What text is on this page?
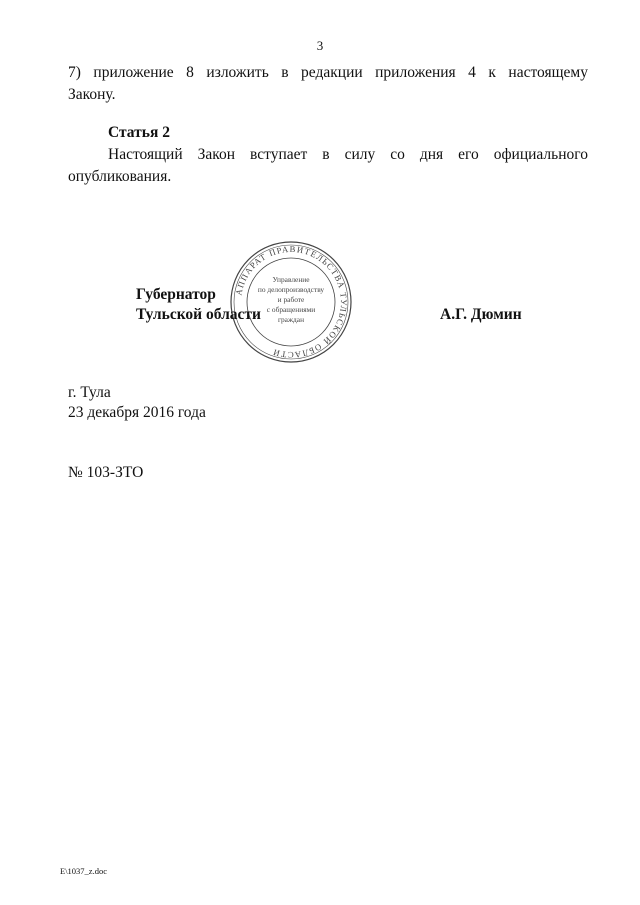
3
7) приложение 8 изложить в редакции приложения 4 к настоящему
Закону.
Статья 2
Настоящий Закон вступает в силу со дня его официального
опубликования.
АППАРАТ ПРАВИТЕЛЬСТВА ТУЛЬСКОЙ ОБЛАСТИ
Управление
по делопроизводству
и работе
с обращениями
граждан
Губернатор
Тульской области	А.Г. Дюмин
г. Тула
23 декабря 2016 года
№ 103-ЗТО
E\1037_z.doc
